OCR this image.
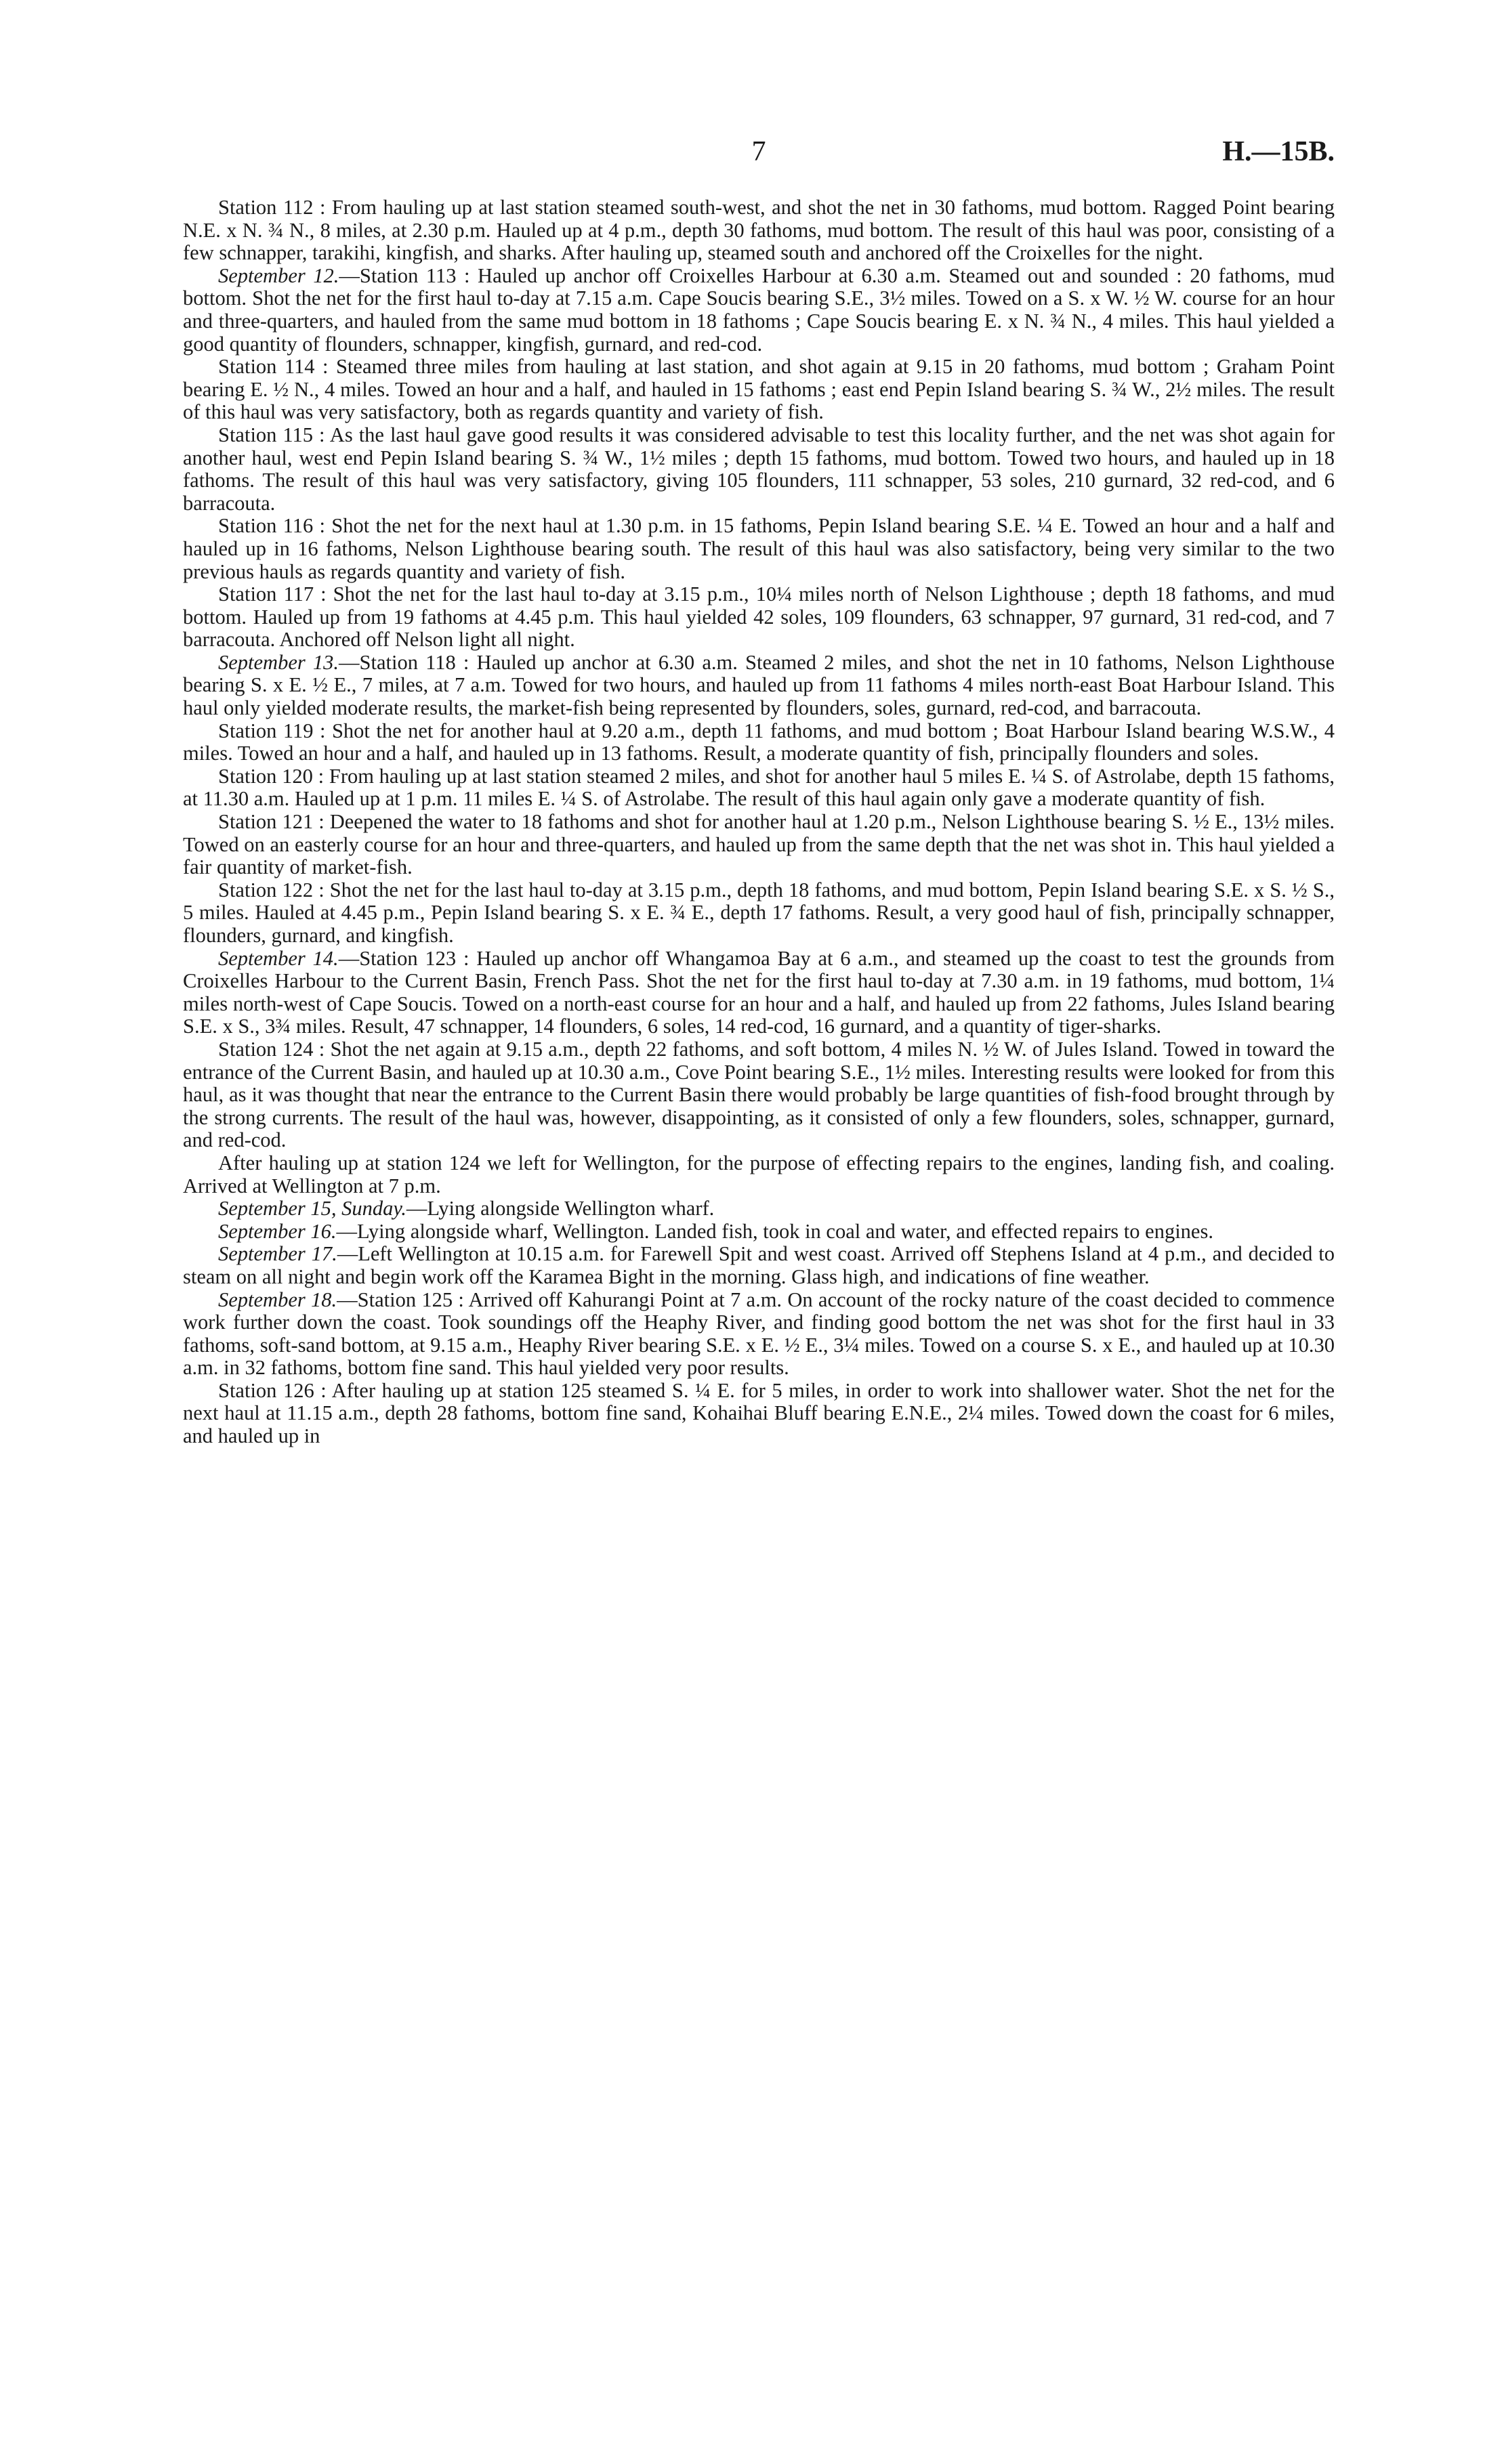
7	H.—15B.

Station 112 : From hauling up at last station steamed south-west, and shot the net in 30 fathoms, mud bottom. Ragged Point bearing N.E. x N. ¾ N., 8 miles, at 2.30 p.m. Hauled up at 4 p.m., depth 30 fathoms, mud bottom. The result of this haul was poor, consisting of a few schnapper, tarakihi, kingfish, and sharks. After hauling up, steamed south and anchored off the Croixelles for the night.

September 12.—Station 113 : Hauled up anchor off Croixelles Harbour at 6.30 a.m. Steamed out and sounded : 20 fathoms, mud bottom. Shot the net for the first haul to-day at 7.15 a.m. Cape Soucis bearing S.E., 3½ miles. Towed on a S. x W. ½ W. course for an hour and three-quarters, and hauled from the same mud bottom in 18 fathoms ; Cape Soucis bearing E. x N. ¾ N., 4 miles. This haul yielded a good quantity of flounders, schnapper, kingfish, gurnard, and red-cod.

Station 114 : Steamed three miles from hauling at last station, and shot again at 9.15 in 20 fathoms, mud bottom ; Graham Point bearing E. ½ N., 4 miles. Towed an hour and a half, and hauled in 15 fathoms ; east end Pepin Island bearing S. ¾ W., 2½ miles. The result of this haul was very satisfactory, both as regards quantity and variety of fish.

Station 115 : As the last haul gave good results it was considered advisable to test this locality further, and the net was shot again for another haul, west end Pepin Island bearing S. ¾ W., 1½ miles ; depth 15 fathoms, mud bottom. Towed two hours, and hauled up in 18 fathoms. The result of this haul was very satisfactory, giving 105 flounders, 111 schnapper, 53 soles, 210 gurnard, 32 red-cod, and 6 barracouta.

Station 116 : Shot the net for the next haul at 1.30 p.m. in 15 fathoms, Pepin Island bearing S.E. ¼ E. Towed an hour and a half and hauled up in 16 fathoms, Nelson Lighthouse bearing south. The result of this haul was also satisfactory, being very similar to the two previous hauls as regards quantity and variety of fish.

Station 117 : Shot the net for the last haul to-day at 3.15 p.m., 10¼ miles north of Nelson Lighthouse ; depth 18 fathoms, and mud bottom. Hauled up from 19 fathoms at 4.45 p.m. This haul yielded 42 soles, 109 flounders, 63 schnapper, 97 gurnard, 31 red-cod, and 7 barracouta. Anchored off Nelson light all night.

September 13.—Station 118 : Hauled up anchor at 6.30 a.m. Steamed 2 miles, and shot the net in 10 fathoms, Nelson Lighthouse bearing S. x E. ½ E., 7 miles, at 7 a.m. Towed for two hours, and hauled up from 11 fathoms 4 miles north-east Boat Harbour Island. This haul only yielded moderate results, the market-fish being represented by flounders, soles, gurnard, red-cod, and barracouta.

Station 119 : Shot the net for another haul at 9.20 a.m., depth 11 fathoms, and mud bottom ; Boat Harbour Island bearing W.S.W., 4 miles. Towed an hour and a half, and hauled up in 13 fathoms. Result, a moderate quantity of fish, principally flounders and soles.

Station 120 : From hauling up at last station steamed 2 miles, and shot for another haul 5 miles E. ¼ S. of Astrolabe, depth 15 fathoms, at 11.30 a.m. Hauled up at 1 p.m. 11 miles E. ¼ S. of Astrolabe. The result of this haul again only gave a moderate quantity of fish.

Station 121 : Deepened the water to 18 fathoms and shot for another haul at 1.20 p.m., Nelson Lighthouse bearing S. ½ E., 13½ miles. Towed on an easterly course for an hour and three-quarters, and hauled up from the same depth that the net was shot in. This haul yielded a fair quantity of market-fish.

Station 122 : Shot the net for the last haul to-day at 3.15 p.m., depth 18 fathoms, and mud bottom, Pepin Island bearing S.E. x S. ½ S., 5 miles. Hauled at 4.45 p.m., Pepin Island bearing S. x E. ¾ E., depth 17 fathoms. Result, a very good haul of fish, principally schnapper, flounders, gurnard, and kingfish.

September 14.—Station 123 : Hauled up anchor off Whangamoa Bay at 6 a.m., and steamed up the coast to test the grounds from Croixelles Harbour to the Current Basin, French Pass. Shot the net for the first haul to-day at 7.30 a.m. in 19 fathoms, mud bottom, 1¼ miles north-west of Cape Soucis. Towed on a north-east course for an hour and a half, and hauled up from 22 fathoms, Jules Island bearing S.E. x S., 3¾ miles. Result, 47 schnapper, 14 flounders, 6 soles, 14 red-cod, 16 gurnard, and a quantity of tiger-sharks.

Station 124 : Shot the net again at 9.15 a.m., depth 22 fathoms, and soft bottom, 4 miles N. ½ W. of Jules Island. Towed in toward the entrance of the Current Basin, and hauled up at 10.30 a.m., Cove Point bearing S.E., 1½ miles. Interesting results were looked for from this haul, as it was thought that near the entrance to the Current Basin there would probably be large quantities of fish-food brought through by the strong currents. The result of the haul was, however, disappointing, as it consisted of only a few flounders, soles, schnapper, gurnard, and red-cod.

After hauling up at station 124 we left for Wellington, for the purpose of effecting repairs to the engines, landing fish, and coaling. Arrived at Wellington at 7 p.m.

September 15, Sunday.—Lying alongside Wellington wharf.

September 16.—Lying alongside wharf, Wellington. Landed fish, took in coal and water, and effected repairs to engines.

September 17.—Left Wellington at 10.15 a.m. for Farewell Spit and west coast. Arrived off Stephens Island at 4 p.m., and decided to steam on all night and begin work off the Karamea Bight in the morning. Glass high, and indications of fine weather.

September 18.—Station 125 : Arrived off Kahurangi Point at 7 a.m. On account of the rocky nature of the coast decided to commence work further down the coast. Took soundings off the Heaphy River, and finding good bottom the net was shot for the first haul in 33 fathoms, soft-sand bottom, at 9.15 a.m., Heaphy River bearing S.E. x E. ½ E., 3¼ miles. Towed on a course S. x E., and hauled up at 10.30 a.m. in 32 fathoms, bottom fine sand. This haul yielded very poor results.

Station 126 : After hauling up at station 125 steamed S. ¼ E. for 5 miles, in order to work into shallower water. Shot the net for the next haul at 11.15 a.m., depth 28 fathoms, bottom fine sand, Kohaihai Bluff bearing E.N.E., 2¼ miles. Towed down the coast for 6 miles, and hauled up in
